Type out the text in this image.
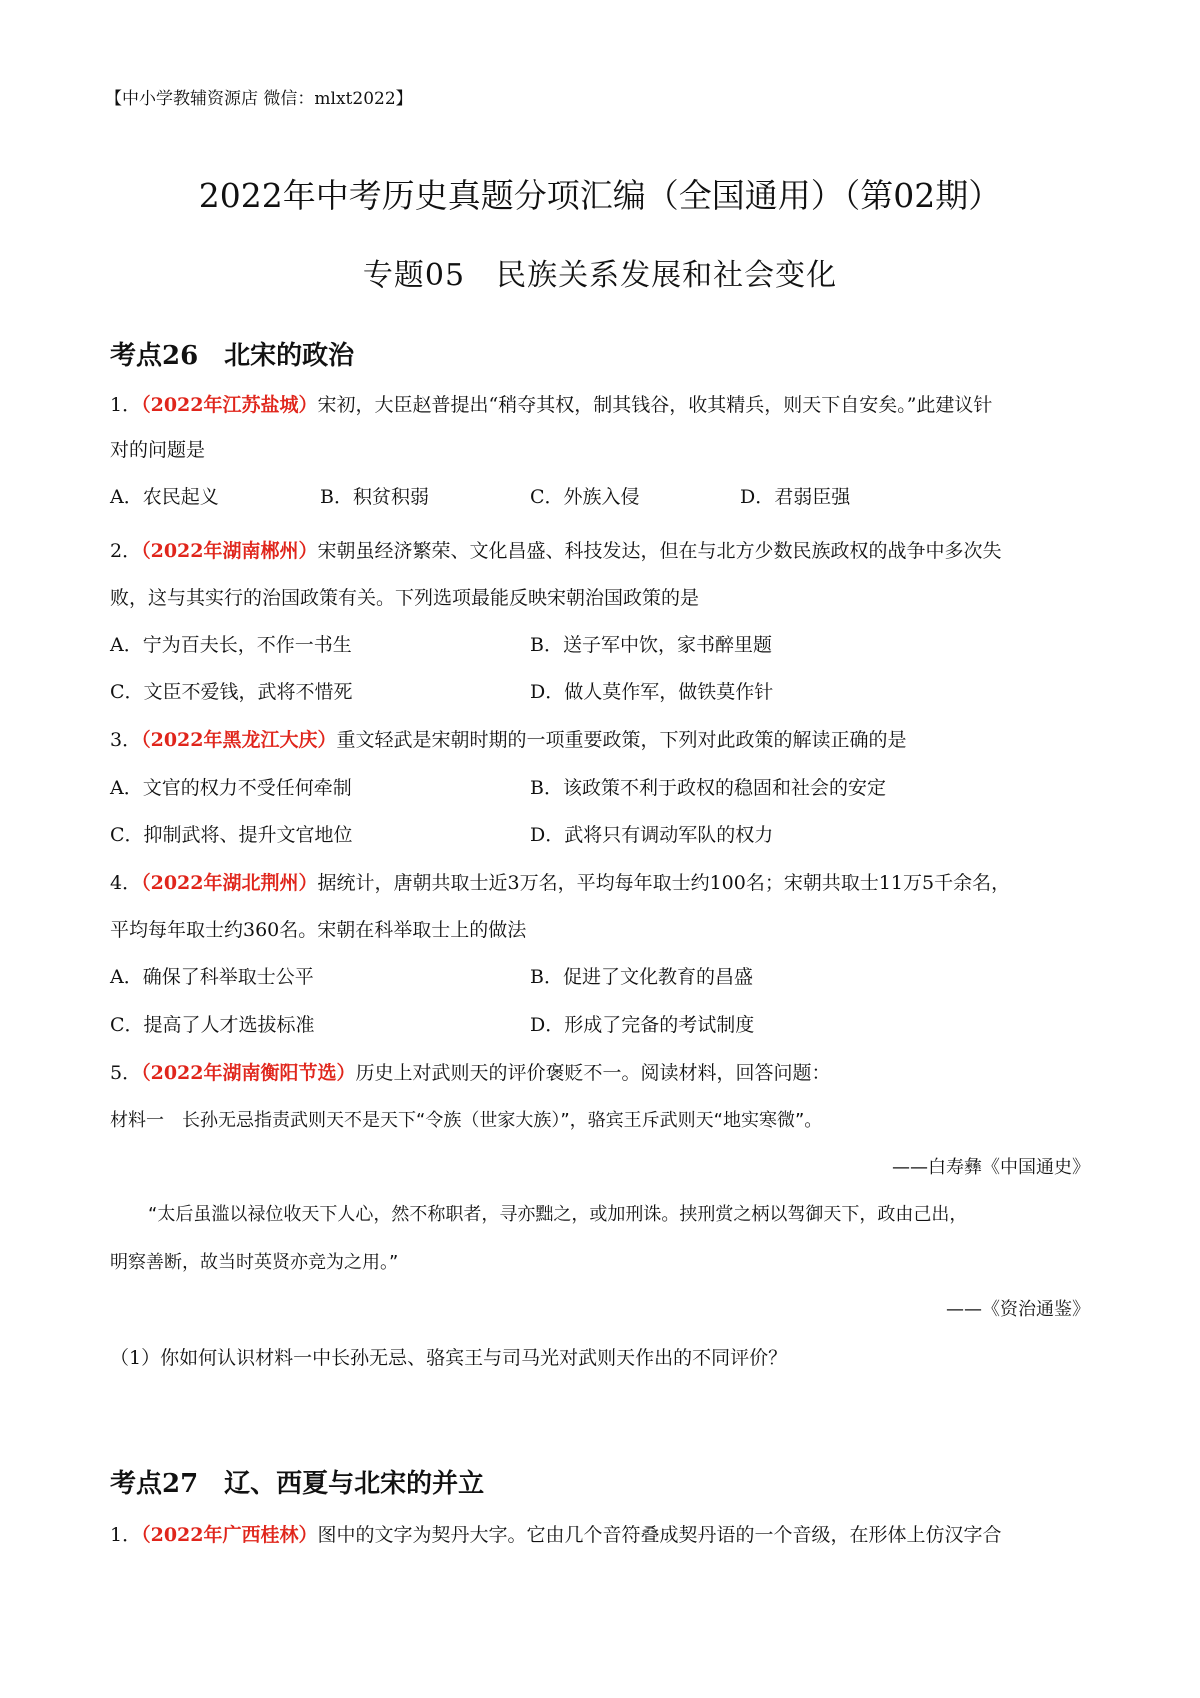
【中小学教辅资源店 微信：mlxt2022】
2022年中考历史真题分项汇编（全国通用）（第02期）
专题05　民族关系发展和社会变化
考点26　北宋的政治
1．（2022年江苏盐城）宋初，大臣赵普提出“稍夺其权，制其钱谷，收其精兵，则天下自安矣。”此建议针
对的问题是
A．农民起义	B．积贫积弱	C．外族入侵	D．君弱臣强
2．（2022年湖南郴州）宋朝虽经济繁荣、文化昌盛、科技发达，但在与北方少数民族政权的战争中多次失
败，这与其实行的治国政策有关。下列选项最能反映宋朝治国政策的是
A．宁为百夫长，不作一书生	B．送子军中饮，家书醉里题
C．文臣不爱钱，武将不惜死	D．做人莫作军，做铁莫作针
3．（2022年黑龙江大庆）重文轻武是宋朝时期的一项重要政策，下列对此政策的解读正确的是
A．文官的权力不受任何牵制	B．该政策不利于政权的稳固和社会的安定
C．抑制武将、提升文官地位	D．武将只有调动军队的权力
4．（2022年湖北荆州）据统计，唐朝共取士近3万名，平均每年取士约100名；宋朝共取士11万5千余名，
平均每年取士约360名。宋朝在科举取士上的做法
A．确保了科举取士公平	B．促进了文化教育的昌盛
C．提高了人才选拔标准	D．形成了完备的考试制度
5．（2022年湖南衡阳节选）历史上对武则天的评价褒贬不一。阅读材料，回答问题：
材料一　长孙无忌指责武则天不是天下“令族（世家大族）”，骆宾王斥武则天“地实寒微”。
——白寿彝《中国通史》
“太后虽滥以禄位收天下人心，然不称职者，寻亦黜之，或加刑诛。挟刑赏之柄以驾御天下，政由己出，
明察善断，故当时英贤亦竞为之用。”
——《资治通鉴》
（1）你如何认识材料一中长孙无忌、骆宾王与司马光对武则天作出的不同评价？
考点27　辽、西夏与北宋的并立
1．（2022年广西桂林）图中的文字为契丹大字。它由几个音符叠成契丹语的一个音级，在形体上仿汉字合
